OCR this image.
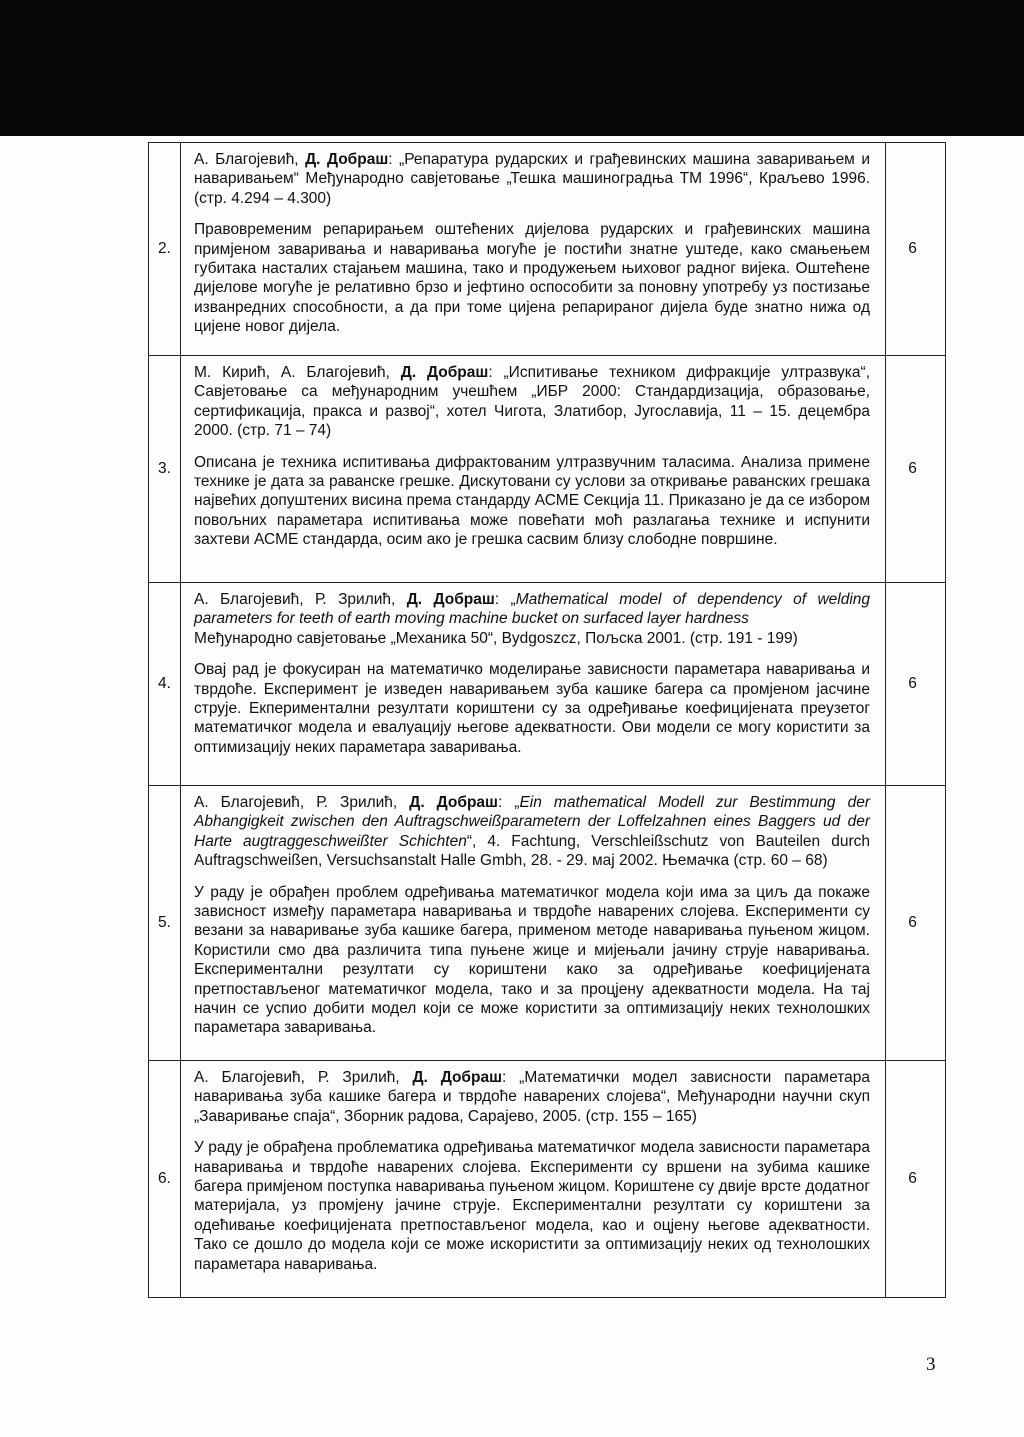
2.	А. Благојевић, Д. Добраш: „Репаратура рударских и грађевинских машина заваривањем и наваривањем“ Међународно савјетовање „Тешка машиноградња ТМ 1996“, Краљево 1996. (стр. 4.294 – 4.300)

Правовременим репарирањем оштећених дијелова рударских и грађевинских машина примјеном заваривања и наваривања могуће је постићи знатне уштеде, како смањењем губитака насталих стајањем машина, тако и продужењем њиховог радног вијека. Оштећене дијелове могуће је релативно брзо и јефтино оспособити за поновну употребу уз постизање изванредних способности, а да при томе цијена репарираног дијела буде знатно нижа од цијене новог дијела.	6
3.	М. Кирић, А. Благојевић, Д. Добраш: „Испитивање техником дифракције ултразвука“, Савјетовање са међународним учешћем „ИБР 2000: Стандардизација, образовање, сертификација, пракса и развој“, хотел Чигота, Златибор, Југославија, 11 – 15. децембра 2000. (стр. 71 – 74)

Описана је техника испитивања дифрактованим ултразвучним таласима. Анализа примене технике је дата за раванске грешке. Дискутовани су услови за откривање раванских грешака највећих допуштених висина према стандарду АСМЕ Секција 11. Приказано је да се избором повољних параметара испитивања може повећати моћ разлагања технике и испунити захтеви АСМЕ стандарда, осим ако је грешка сасвим близу слободне површине.	6
4.	А. Благојевић, Р. Зрилић, Д. Добраш: „Mathematical model of dependency of welding parameters for teeth of earth moving machine bucket on surfaced layer hardness
Међународно савјетовање „Механика 50“, Bydgoszcz, Пољска 2001. (стр. 191 - 199)

Овај рад је фокусиран на математичко моделирање зависности параметара наваривања и тврдоће. Експеримент је изведен наваривањем зуба кашике багера са промјеном јасчине струје. Екпериментални резултати кориштени су за одређивање коефицијената преузетог математичког модела и евалуацију његове адекватности. Ови модели се могу користити за оптимизацију неких параметара заваривања.	6
5.	А. Благојевић, Р. Зрилић, Д. Добраш: „Ein mathematical Modell zur Bestimmung der Abhangigkeit zwischen den Auftragschweißparametern der Loffelzahnen eines Baggers ud der Harte augtraggeschweißter Schichten“, 4. Fachtung, Verschleißschutz von Bauteilen durch Auftragschweißen, Versuchsanstalt Halle Gmbh, 28. - 29. мај 2002. Њемачка (стр. 60 – 68)

У раду је обрађен проблем одређивања математичког модела који има за циљ да покаже зависност између параметара наваривања и тврдоће наварених слојева. Експерименти су везани за наваривање зуба кашике багера, применом методе наваривања пуњеном жицом. Користили смо два различита типа пуњене жице и мијењали јачину струје наваривања. Експериментални резултати су кориштени како за одређивање коефицијената претпостављеног математичког модела, тако и за процјену адекватности модела. На тај начин се успио добити модел који се може користити за оптимизацију неких технолошких параметара заваривања.	6
6.	А. Благојевић, Р. Зрилић, Д. Добраш: „Математички модел зависности параметара наваривања зуба кашике багера и тврдоће наварених слојева“, Међународни научни скуп „Заваривање спаја“, Зборник радова, Сарајево, 2005. (стр. 155 – 165)

У раду је обрађена проблематика одређивања математичког модела зависности параметара наваривања и тврдоће наварених слојева. Експерименти су вршени на зубима кашике багера примјеном поступка наваривања пуњеном жицом. Кориштене су двије врсте додатног материјала, уз промјену јачине струје. Експериментални резултати су кориштени за одећивање коефицијената претпостављеног модела, као и оцјену његове адекватности. Тако се дошло до модела који се може искористити за оптимизацију неких од технолошких параметара наваривања.	6
3
